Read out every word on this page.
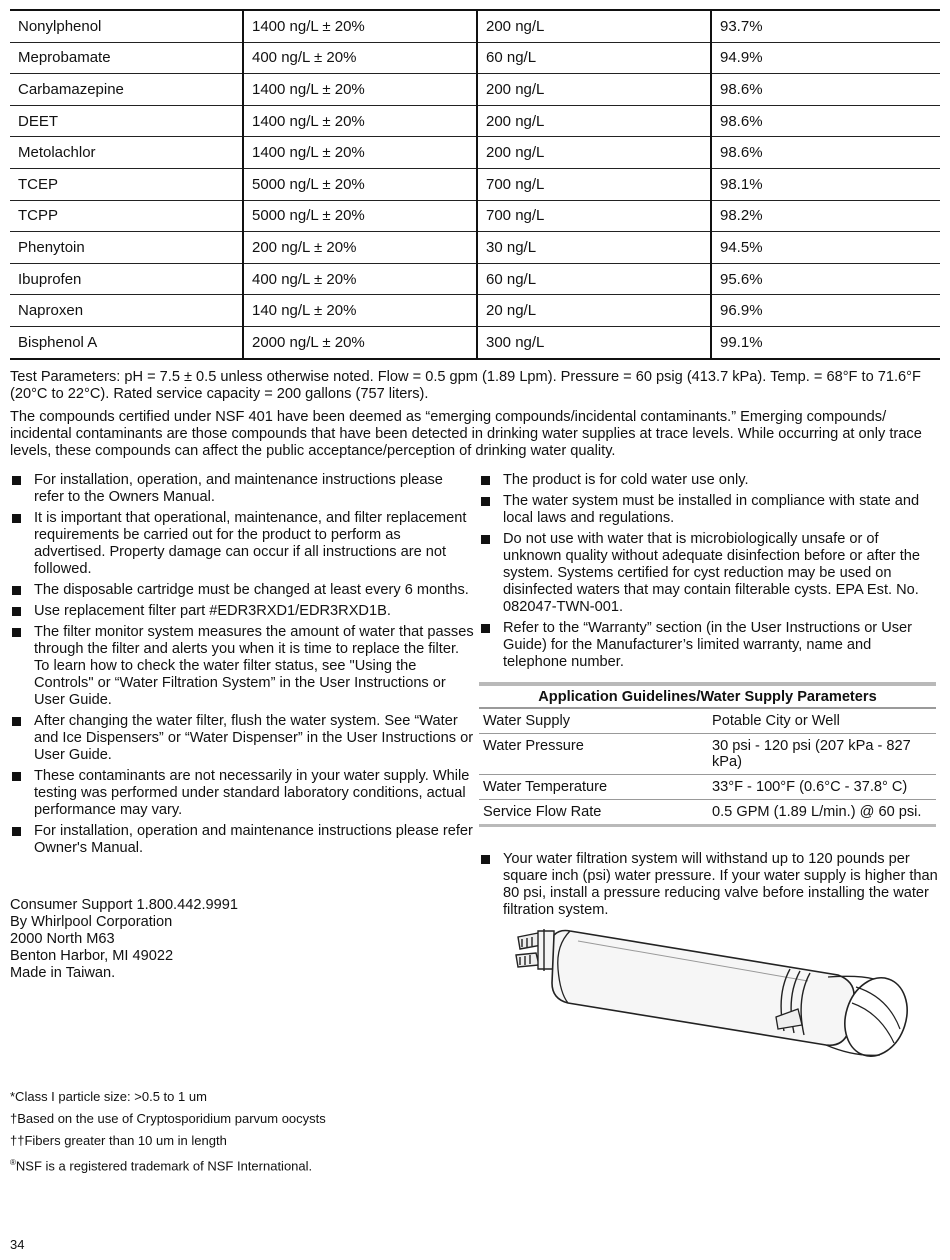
Nonylphenol	1400 ng/L ± 20%	200 ng/L	93.7%
Meprobamate	400 ng/L ± 20%	60 ng/L	94.9%
Carbamazepine	1400 ng/L ± 20%	200 ng/L	98.6%
DEET	1400 ng/L ± 20%	200 ng/L	98.6%
Metolachlor	1400 ng/L ± 20%	200 ng/L	98.6%
TCEP	5000 ng/L ± 20%	700 ng/L	98.1%
TCPP	5000 ng/L ± 20%	700 ng/L	98.2%
Phenytoin	200 ng/L ± 20%	30 ng/L	94.5%
Ibuprofen	400 ng/L ± 20%	60 ng/L	95.6%
Naproxen	140 ng/L ± 20%	20 ng/L	96.9%
Bisphenol A	2000 ng/L ± 20%	300 ng/L	99.1%

Test Parameters: pH = 7.5 ± 0.5 unless otherwise noted. Flow = 0.5 gpm (1.89 Lpm). Pressure = 60 psig (413.7 kPa). Temp. = 68°F to 71.6°F (20°C to 22°C). Rated service capacity = 200 gallons (757 liters).

The compounds certified under NSF 401 have been deemed as “emerging compounds/incidental contaminants.” Emerging compounds/ incidental contaminants are those compounds that have been detected in drinking water supplies at trace levels. While occurring at only trace levels, these compounds can affect the public acceptance/perception of drinking water quality.

For installation, operation, and maintenance instructions please refer to the Owners Manual.
It is important that operational, maintenance, and filter replacement requirements be carried out for the product to perform as advertised. Property damage can occur if all instructions are not followed.
The disposable cartridge must be changed at least every 6 months.
Use replacement filter part #EDR3RXD1/EDR3RXD1B.
The filter monitor system measures the amount of water that passes through the filter and alerts you when it is time to replace the filter. To learn how to check the water filter status, see "Using the Controls" or “Water Filtration System” in the User Instructions or User Guide.
After changing the water filter, flush the water system. See “Water and Ice Dispensers” or “Water Dispenser” in the User Instructions or User Guide.
These contaminants are not necessarily in your water supply. While testing was performed under standard laboratory conditions, actual performance may vary.
For installation, operation and maintenance instructions please refer Owner's Manual.
The product is for cold water use only.
The water system must be installed in compliance with state and local laws and regulations.
Do not use with water that is microbiologically unsafe or of unknown quality without adequate disinfection before or after the system. Systems certified for cyst reduction may be used on disinfected waters that may contain filterable cysts. EPA Est. No. 082047-TWN-001.
Refer to the “Warranty” section (in the User Instructions or User Guide) for the Manufacturer’s limited warranty, name and telephone number.
Application Guidelines/Water Supply Parameters
Water Supply	Potable City or Well
Water Pressure	30 psi - 120 psi (207 kPa - 827 kPa)
Water Temperature	33°F - 100°F (0.6°C - 37.8° C)
Service Flow Rate	0.5 GPM (1.89 L/min.) @ 60 psi.
Your water filtration system will withstand up to 120 pounds per square inch (psi) water pressure. If your water supply is higher than 80 psi, install a pressure reducing valve before installing the water filtration system.
Consumer Support 1.800.442.9991
By Whirlpool Corporation
2000 North M63
Benton Harbor, MI 49022
Made in Taiwan.
*Class I particle size: >0.5 to 1 um
†Based on the use of Cryptosporidium parvum oocysts
††Fibers greater than 10 um in length
®NSF is a registered trademark of NSF International.
34
